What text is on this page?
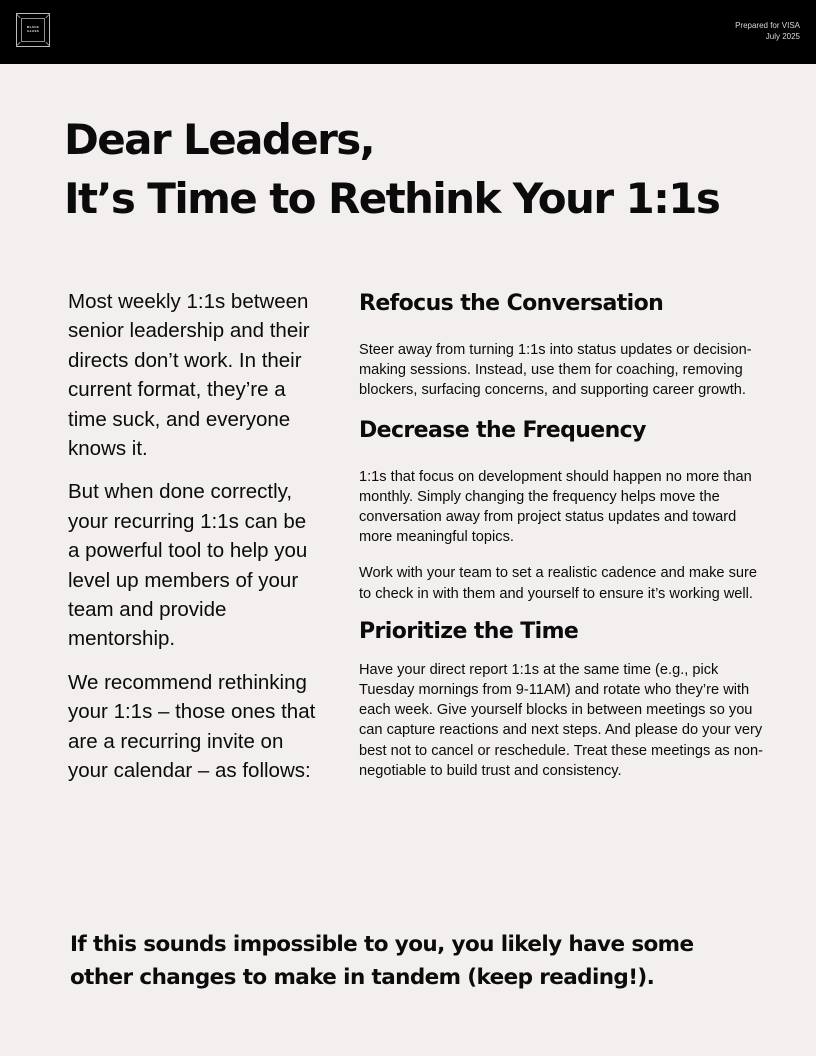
BLACK
GLASS
Prepared for VISA
July 2025
Dear Leaders,
It’s Time to Rethink Your 1:1s

Most weekly 1:1s between senior leadership and their directs don’t work. In their current format, they’re a time suck, and everyone knows it.

But when done correctly, your recurring 1:1s can be a powerful tool to help you level up members of your team and provide mentorship.

We recommend rethinking your 1:1s – those ones that are a recurring invite on your calendar – as follows:

Refocus the Conversation

Steer away from turning 1:1s into status updates or decision-making sessions. Instead, use them for coaching, removing blockers, surfacing concerns, and supporting career growth.

Decrease the Frequency

1:1s that focus on development should happen no more than monthly. Simply changing the frequency helps move the conversation away from project status updates and toward more meaningful topics.

Work with your team to set a realistic cadence and make sure to check in with them and yourself to ensure it’s working well.

Prioritize the Time

Have your direct report 1:1s at the same time (e.g., pick Tuesday mornings from 9-11AM) and rotate who they’re with each week. Give yourself blocks in between meetings so you can capture reactions and next steps. And please do your very best not to cancel or reschedule. Treat these meetings as non-negotiable to build trust and consistency.

If this sounds impossible to you, you likely have some other changes to make in tandem (keep reading!).
